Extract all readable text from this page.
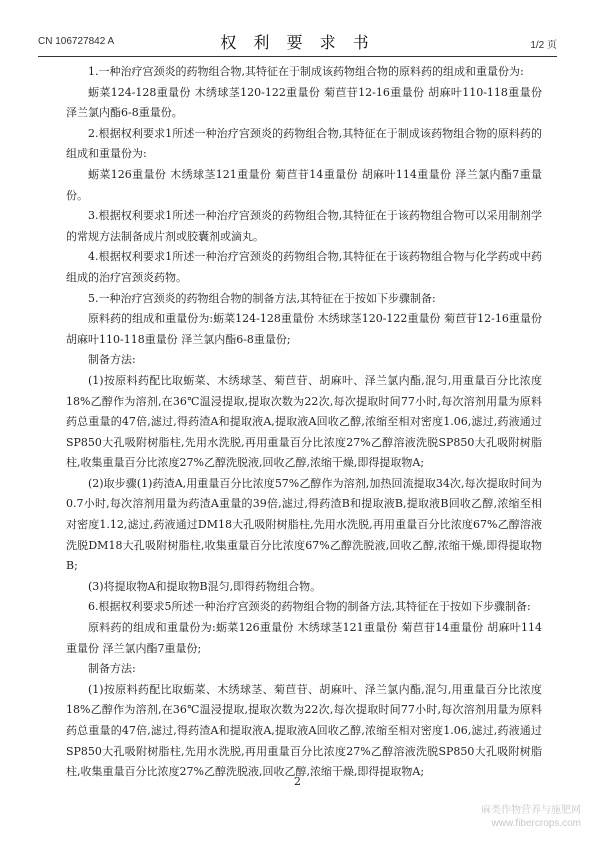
CN 106727842 A	权 利 要 求 书	1/2 页

1.一种治疗宫颈炎的药物组合物,其特征在于制成该药物组合物的原料药的组成和重量份为:

蛎菜124-128重量份 木绣球茎120-122重量份 菊苣苷12-16重量份 胡麻叶110-118重量份 泽兰氯内酯6-8重量份。

2.根据权利要求1所述一种治疗宫颈炎的药物组合物,其特征在于制成该药物组合物的原料药的组成和重量份为:

蛎菜126重量份 木绣球茎121重量份 菊苣苷14重量份 胡麻叶114重量份 泽兰氯内酯7重量份。

3.根据权利要求1所述一种治疗宫颈炎的药物组合物,其特征在于该药物组合物可以采用制剂学的常规方法制备成片剂或胶囊剂或滴丸。

4.根据权利要求1所述一种治疗宫颈炎的药物组合物,其特征在于该药物组合物与化学药或中药组成的治疗宫颈炎药物。

5.一种治疗宫颈炎的药物组合物的制备方法,其特征在于按如下步骤制备:

原料药的组成和重量份为:蛎菜124-128重量份 木绣球茎120-122重量份 菊苣苷12-16重量份 胡麻叶110-118重量份 泽兰氯内酯6-8重量份;

制备方法:

(1)按原料药配比取蛎菜、木绣球茎、菊苣苷、胡麻叶、泽兰氯内酯,混匀,用重量百分比浓度18%乙醇作为溶剂,在36℃温浸提取,提取次数为22次,每次提取时间77小时,每次溶剂用量为原料药总重量的47倍,滤过,得药渣A和提取液A,提取液A回收乙醇,浓缩至相对密度1.06,滤过,药液通过SP850大孔吸附树脂柱,先用水洗脱,再用重量百分比浓度27%乙醇溶液洗脱SP850大孔吸附树脂柱,收集重量百分比浓度27%乙醇洗脱液,回收乙醇,浓缩干燥,即得提取物A;

(2)取步骤(1)药渣A,用重量百分比浓度57%乙醇作为溶剂,加热回流提取34次,每次提取时间为0.7小时,每次溶剂用量为药渣A重量的39倍,滤过,得药渣B和提取液B,提取液B回收乙醇,浓缩至相对密度1.12,滤过,药液通过DM18大孔吸附树脂柱,先用水洗脱,再用重量百分比浓度67%乙醇溶液洗脱DM18大孔吸附树脂柱,收集重量百分比浓度67%乙醇洗脱液,回收乙醇,浓缩干燥,即得提取物B;

(3)将提取物A和提取物B混匀,即得药物组合物。

6.根据权利要求5所述一种治疗宫颈炎的药物组合物的制备方法,其特征在于按如下步骤制备:

原料药的组成和重量份为:蛎菜126重量份 木绣球茎121重量份 菊苣苷14重量份 胡麻叶114重量份 泽兰氯内酯7重量份;

制备方法:

(1)按原料药配比取蛎菜、木绣球茎、菊苣苷、胡麻叶、泽兰氯内酯,混匀,用重量百分比浓度18%乙醇作为溶剂,在36℃温浸提取,提取次数为22次,每次提取时间77小时,每次溶剂用量为原料药总重量的47倍,滤过,得药渣A和提取液A,提取液A回收乙醇,浓缩至相对密度1.06,滤过,药液通过SP850大孔吸附树脂柱,先用水洗脱,再用重量百分比浓度27%乙醇溶液洗脱SP850大孔吸附树脂柱,收集重量百分比浓度27%乙醇洗脱液,回收乙醇,浓缩干燥,即得提取物A;

2
麻类作物营养与施肥网
www.fibercrops.com
